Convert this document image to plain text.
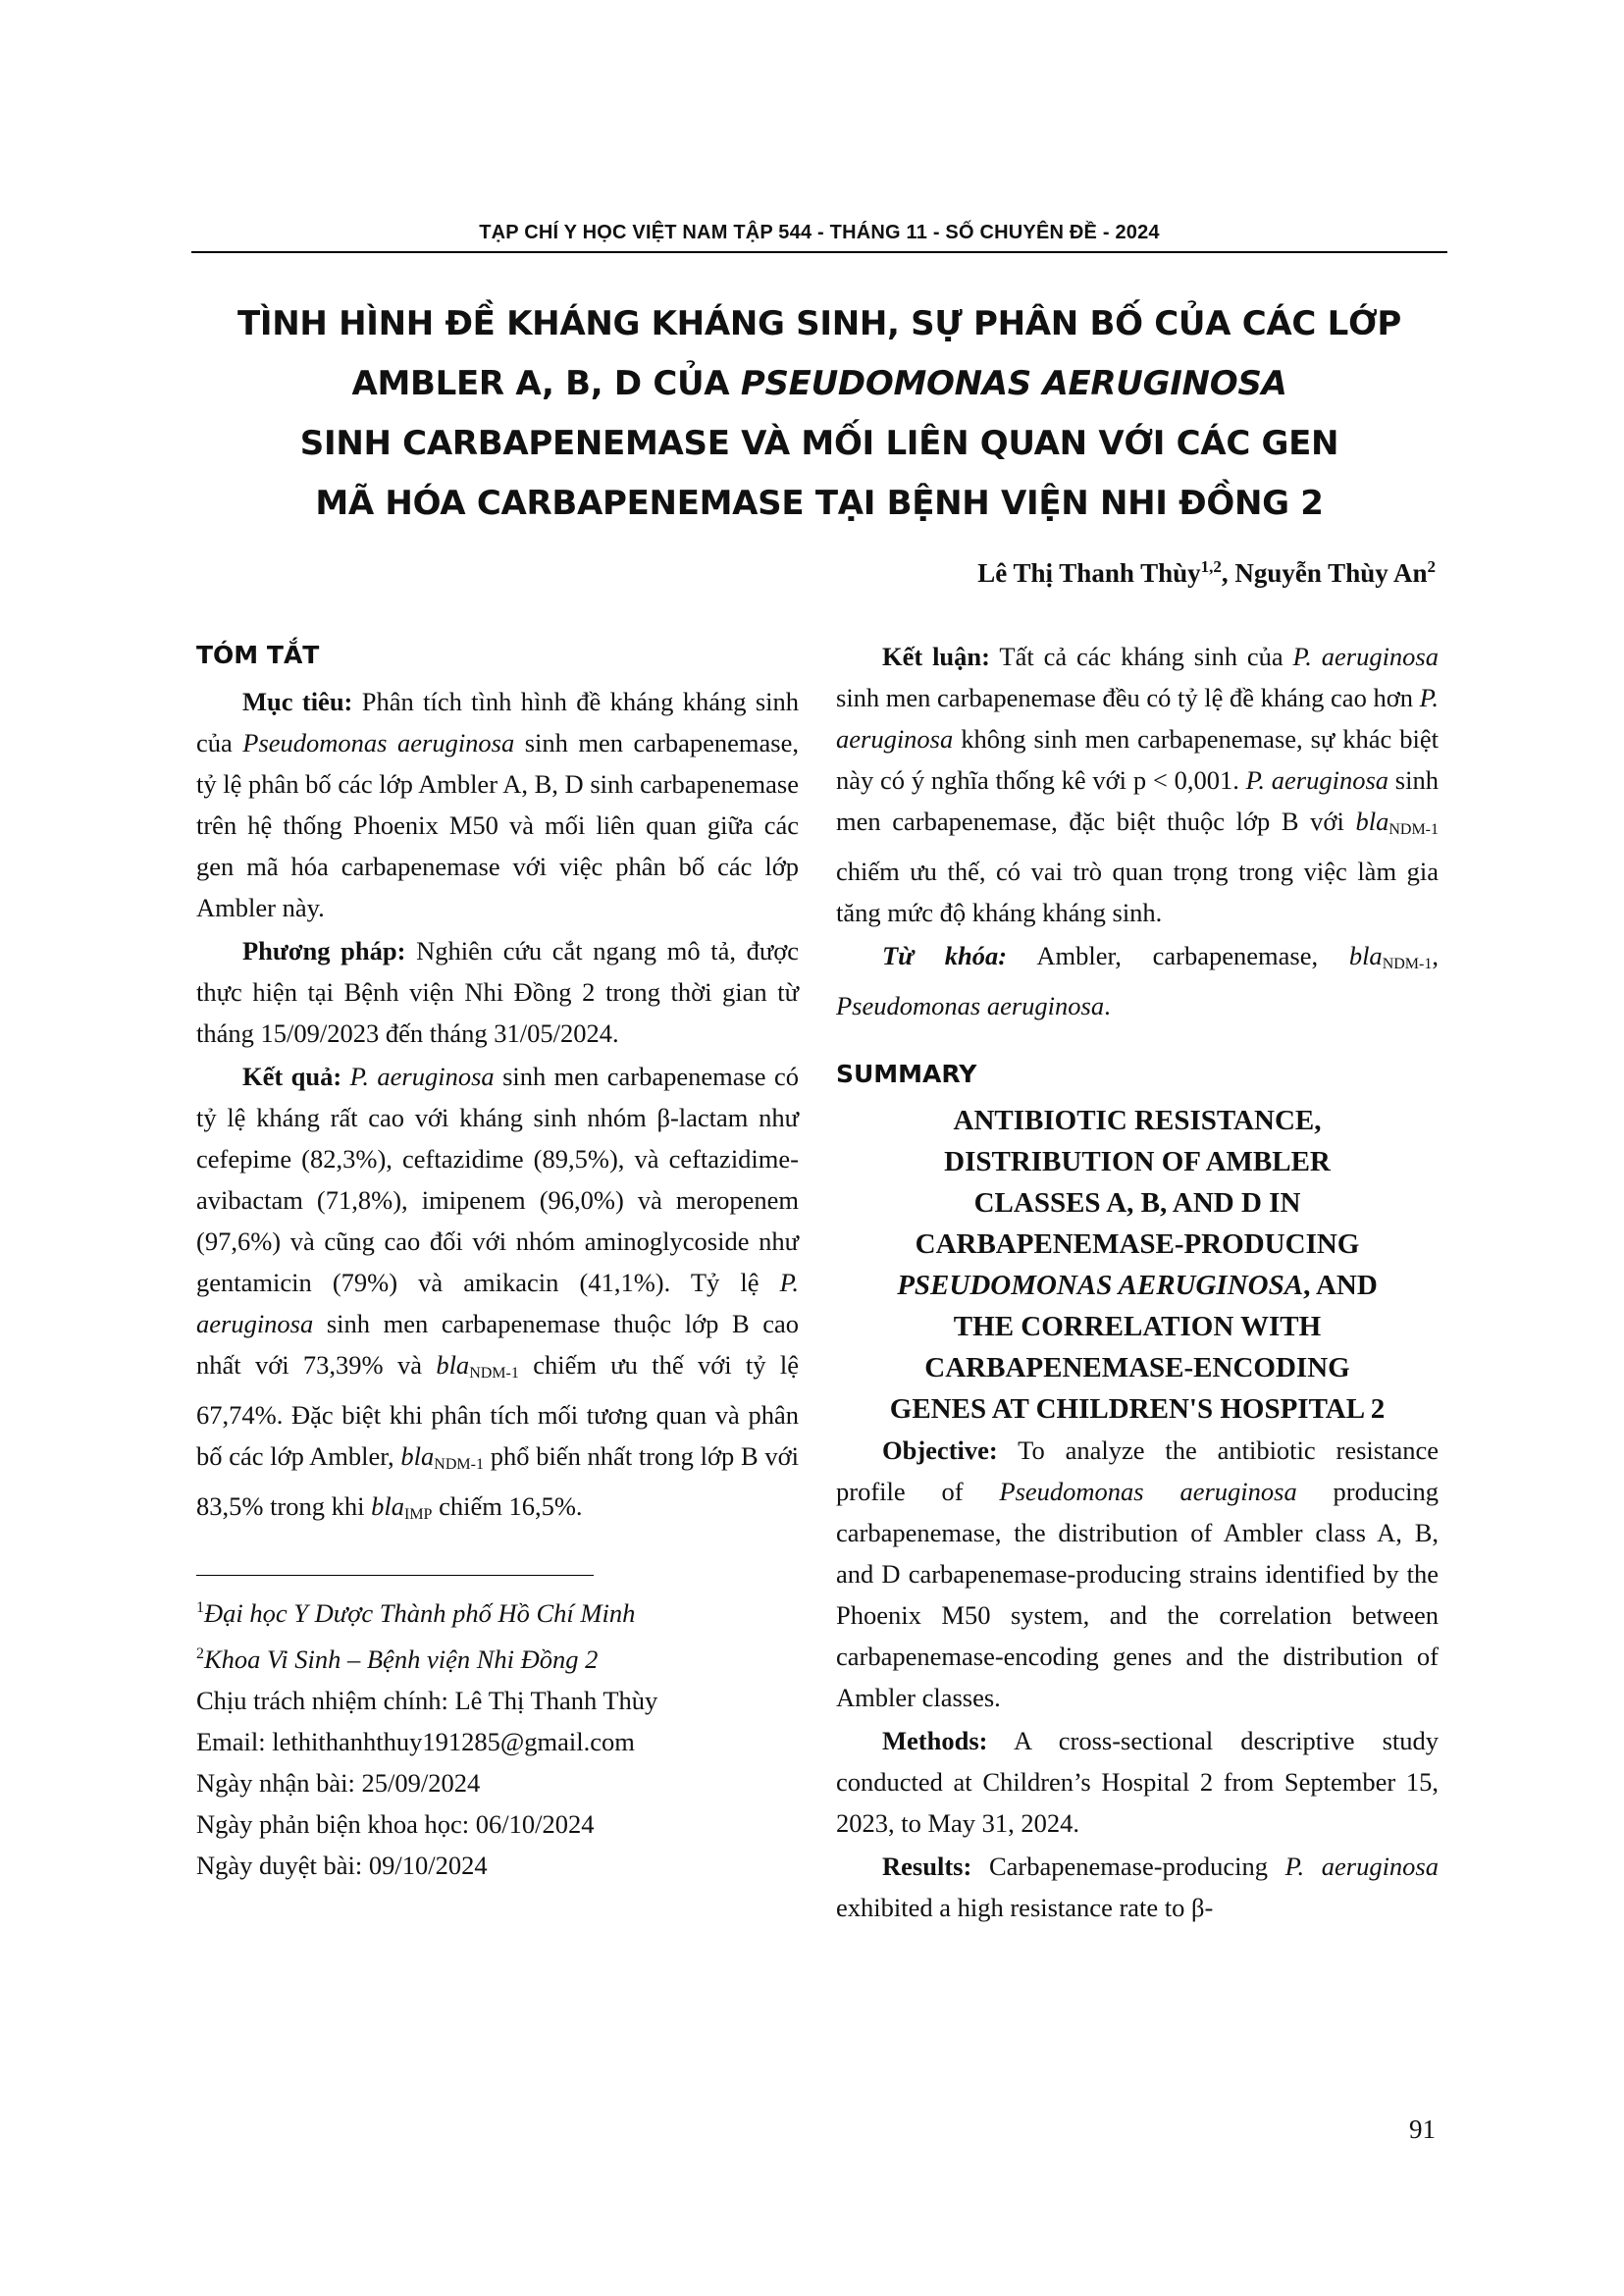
TẠP CHÍ Y HỌC VIỆT NAM TẬP 544 - THÁNG 11 - SỐ CHUYÊN ĐỀ - 2024
TÌNH HÌNH ĐỀ KHÁNG KHÁNG SINH, SỰ PHÂN BỐ CỦA CÁC LỚP
AMBLER A, B, D CỦA PSEUDOMONAS AERUGINOSA
SINH CARBAPENEMASE VÀ MỐI LIÊN QUAN VỚI CÁC GEN
MÃ HÓA CARBAPENEMASE TẠI BỆNH VIỆN NHI ĐỒNG 2
Lê Thị Thanh Thùy$^{1,2}$, Nguyễn Thùy An$^2$
TÓM TẮT

Mục tiêu: Phân tích tình hình đề kháng kháng sinh của Pseudomonas aeruginosa sinh men carbapenemase, tỷ lệ phân bố các lớp Ambler A, B, D sinh carbapenemase trên hệ thống Phoenix M50 và mối liên quan giữa các gen mã hóa carbapenemase với việc phân bố các lớp Ambler này.

Phương pháp: Nghiên cứu cắt ngang mô tả, được thực hiện tại Bệnh viện Nhi Đồng 2 trong thời gian từ tháng 15/09/2023 đến tháng 31/05/2024.

Kết quả: P. aeruginosa sinh men carbapenemase có tỷ lệ kháng rất cao với kháng sinh nhóm β-lactam như cefepime (82,3%), ceftazidime (89,5%), và ceftazidime-avibactam (71,8%), imipenem (96,0%) và meropenem (97,6%) và cũng cao đối với nhóm aminoglycoside như gentamicin (79%) và amikacin (41,1%). Tỷ lệ P. aeruginosa sinh men carbapenemase thuộc lớp B cao nhất với 73,39% và bla$_{NDM-1}$ chiếm ưu thế với tỷ lệ 67,74%. Đặc biệt khi phân tích mối tương quan và phân bố các lớp Ambler, bla$_{NDM-1}$ phổ biến nhất trong lớp B với 83,5% trong khi bla$_{IMP}$ chiếm 16,5%.

$^1$Đại học Y Dược Thành phố Hồ Chí Minh
$^2$Khoa Vi Sinh – Bệnh viện Nhi Đồng 2
Chịu trách nhiệm chính: Lê Thị Thanh Thùy
Email: lethithanhthuy191285@gmail.com
Ngày nhận bài: 25/09/2024
Ngày phản biện khoa học: 06/10/2024
Ngày duyệt bài: 09/10/2024

Kết luận: Tất cả các kháng sinh của P. aeruginosa sinh men carbapenemase đều có tỷ lệ đề kháng cao hơn P. aeruginosa không sinh men carbapenemase, sự khác biệt này có ý nghĩa thống kê với p < 0,001. P. aeruginosa sinh men carbapenemase, đặc biệt thuộc lớp B với bla$_{NDM-1}$ chiếm ưu thế, có vai trò quan trọng trong việc làm gia tăng mức độ kháng kháng sinh.

Từ khóa: Ambler, carbapenemase, bla$_{NDM-1}$, Pseudomonas aeruginosa.

SUMMARY
ANTIBIOTIC RESISTANCE,
DISTRIBUTION OF AMBLER
CLASSES A, B, AND D IN
CARBAPENEMASE-PRODUCING
PSEUDOMONAS AERUGINOSA, AND
THE CORRELATION WITH
CARBAPENEMASE-ENCODING
GENES AT CHILDREN'S HOSPITAL 2

Objective: To analyze the antibiotic resistance profile of Pseudomonas aeruginosa producing carbapenemase, the distribution of Ambler class A, B, and D carbapenemase-producing strains identified by the Phoenix M50 system, and the correlation between carbapenemase-encoding genes and the distribution of Ambler classes.

Methods: A cross-sectional descriptive study conducted at Children’s Hospital 2 from September 15, 2023, to May 31, 2024.

Results: Carbapenemase-producing P. aeruginosa exhibited a high resistance rate to β-

91
